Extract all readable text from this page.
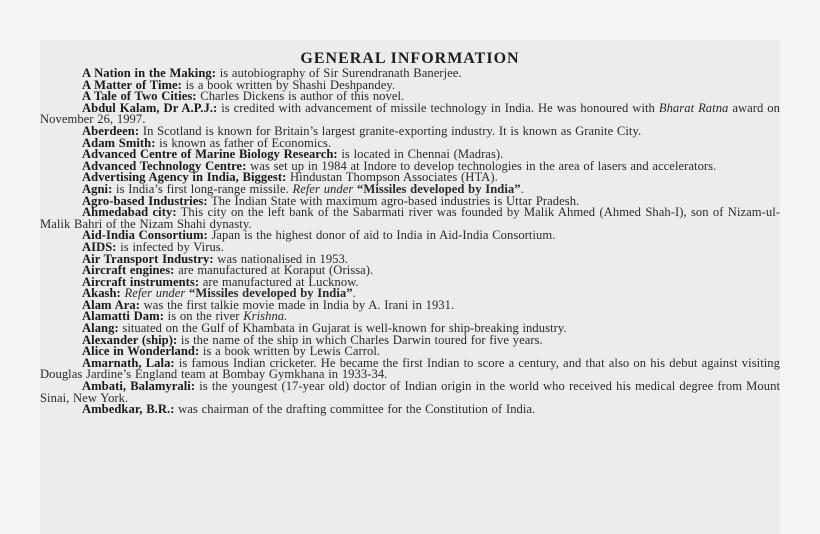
GENERAL INFORMATION

A Nation in the Making: is autobiography of Sir Surendranath Banerjee.

A Matter of Time: is a book written by Shashi Deshpandey.

A Tale of Two Cities: Charles Dickens is author of this novel.

Abdul Kalam, Dr A.P.J.: is credited with advancement of missile technology in India. He was honoured with Bharat Ratna award on November 26, 1997.

Aberdeen: In Scotland is known for Britain’s largest granite-exporting industry. It is known as Granite City.

Adam Smith: is known as father of Economics.

Advanced Centre of Marine Biology Research: is located in Chennai (Madras).

Advanced Technology Centre: was set up in 1984 at Indore to develop technologies in the area of lasers and accelerators.

Advertising Agency in India, Biggest: Hindustan Thompson Associates (HTA).

Agni: is India’s first long-range missile. Refer under “Missiles developed by India”.

Agro-based Industries: The Indian State with maximum agro-based industries is Uttar Pradesh.

Ahmedabad city: This city on the left bank of the Sabarmati river was founded by Malik Ahmed (Ahmed Shah-I), son of Nizam-ul-Malik Bahri of the Nizam Shahi dynasty.

Aid-India Consortium: Japan is the highest donor of aid to India in Aid-India Consortium.

AIDS: is infected by Virus.

Air Transport Industry: was nationalised in 1953.

Aircraft engines: are manufactured at Koraput (Orissa).

Aircraft instruments: are manufactured at Lucknow.

Akash: Refer under “Missiles developed by India”.

Alam Ara: was the first talkie movie made in India by A. Irani in 1931.

Alamatti Dam: is on the river Krishna.

Alang: situated on the Gulf of Khambata in Gujarat is well-known for ship-breaking industry.

Alexander (ship): is the name of the ship in which Charles Darwin toured for five years.

Alice in Wonderland: is a book written by Lewis Carrol.

Amarnath, Lala: is famous Indian cricketer. He became the first Indian to score a century, and that also on his debut against visiting Douglas Jardine’s England team at Bombay Gymkhana in 1933-34.

Ambati, Balamyrali: is the youngest (17-year old) doctor of Indian origin in the world who received his medical degree from Mount Sinai, New York.

Ambedkar, B.R.: was chairman of the drafting committee for the Constitution of India.
